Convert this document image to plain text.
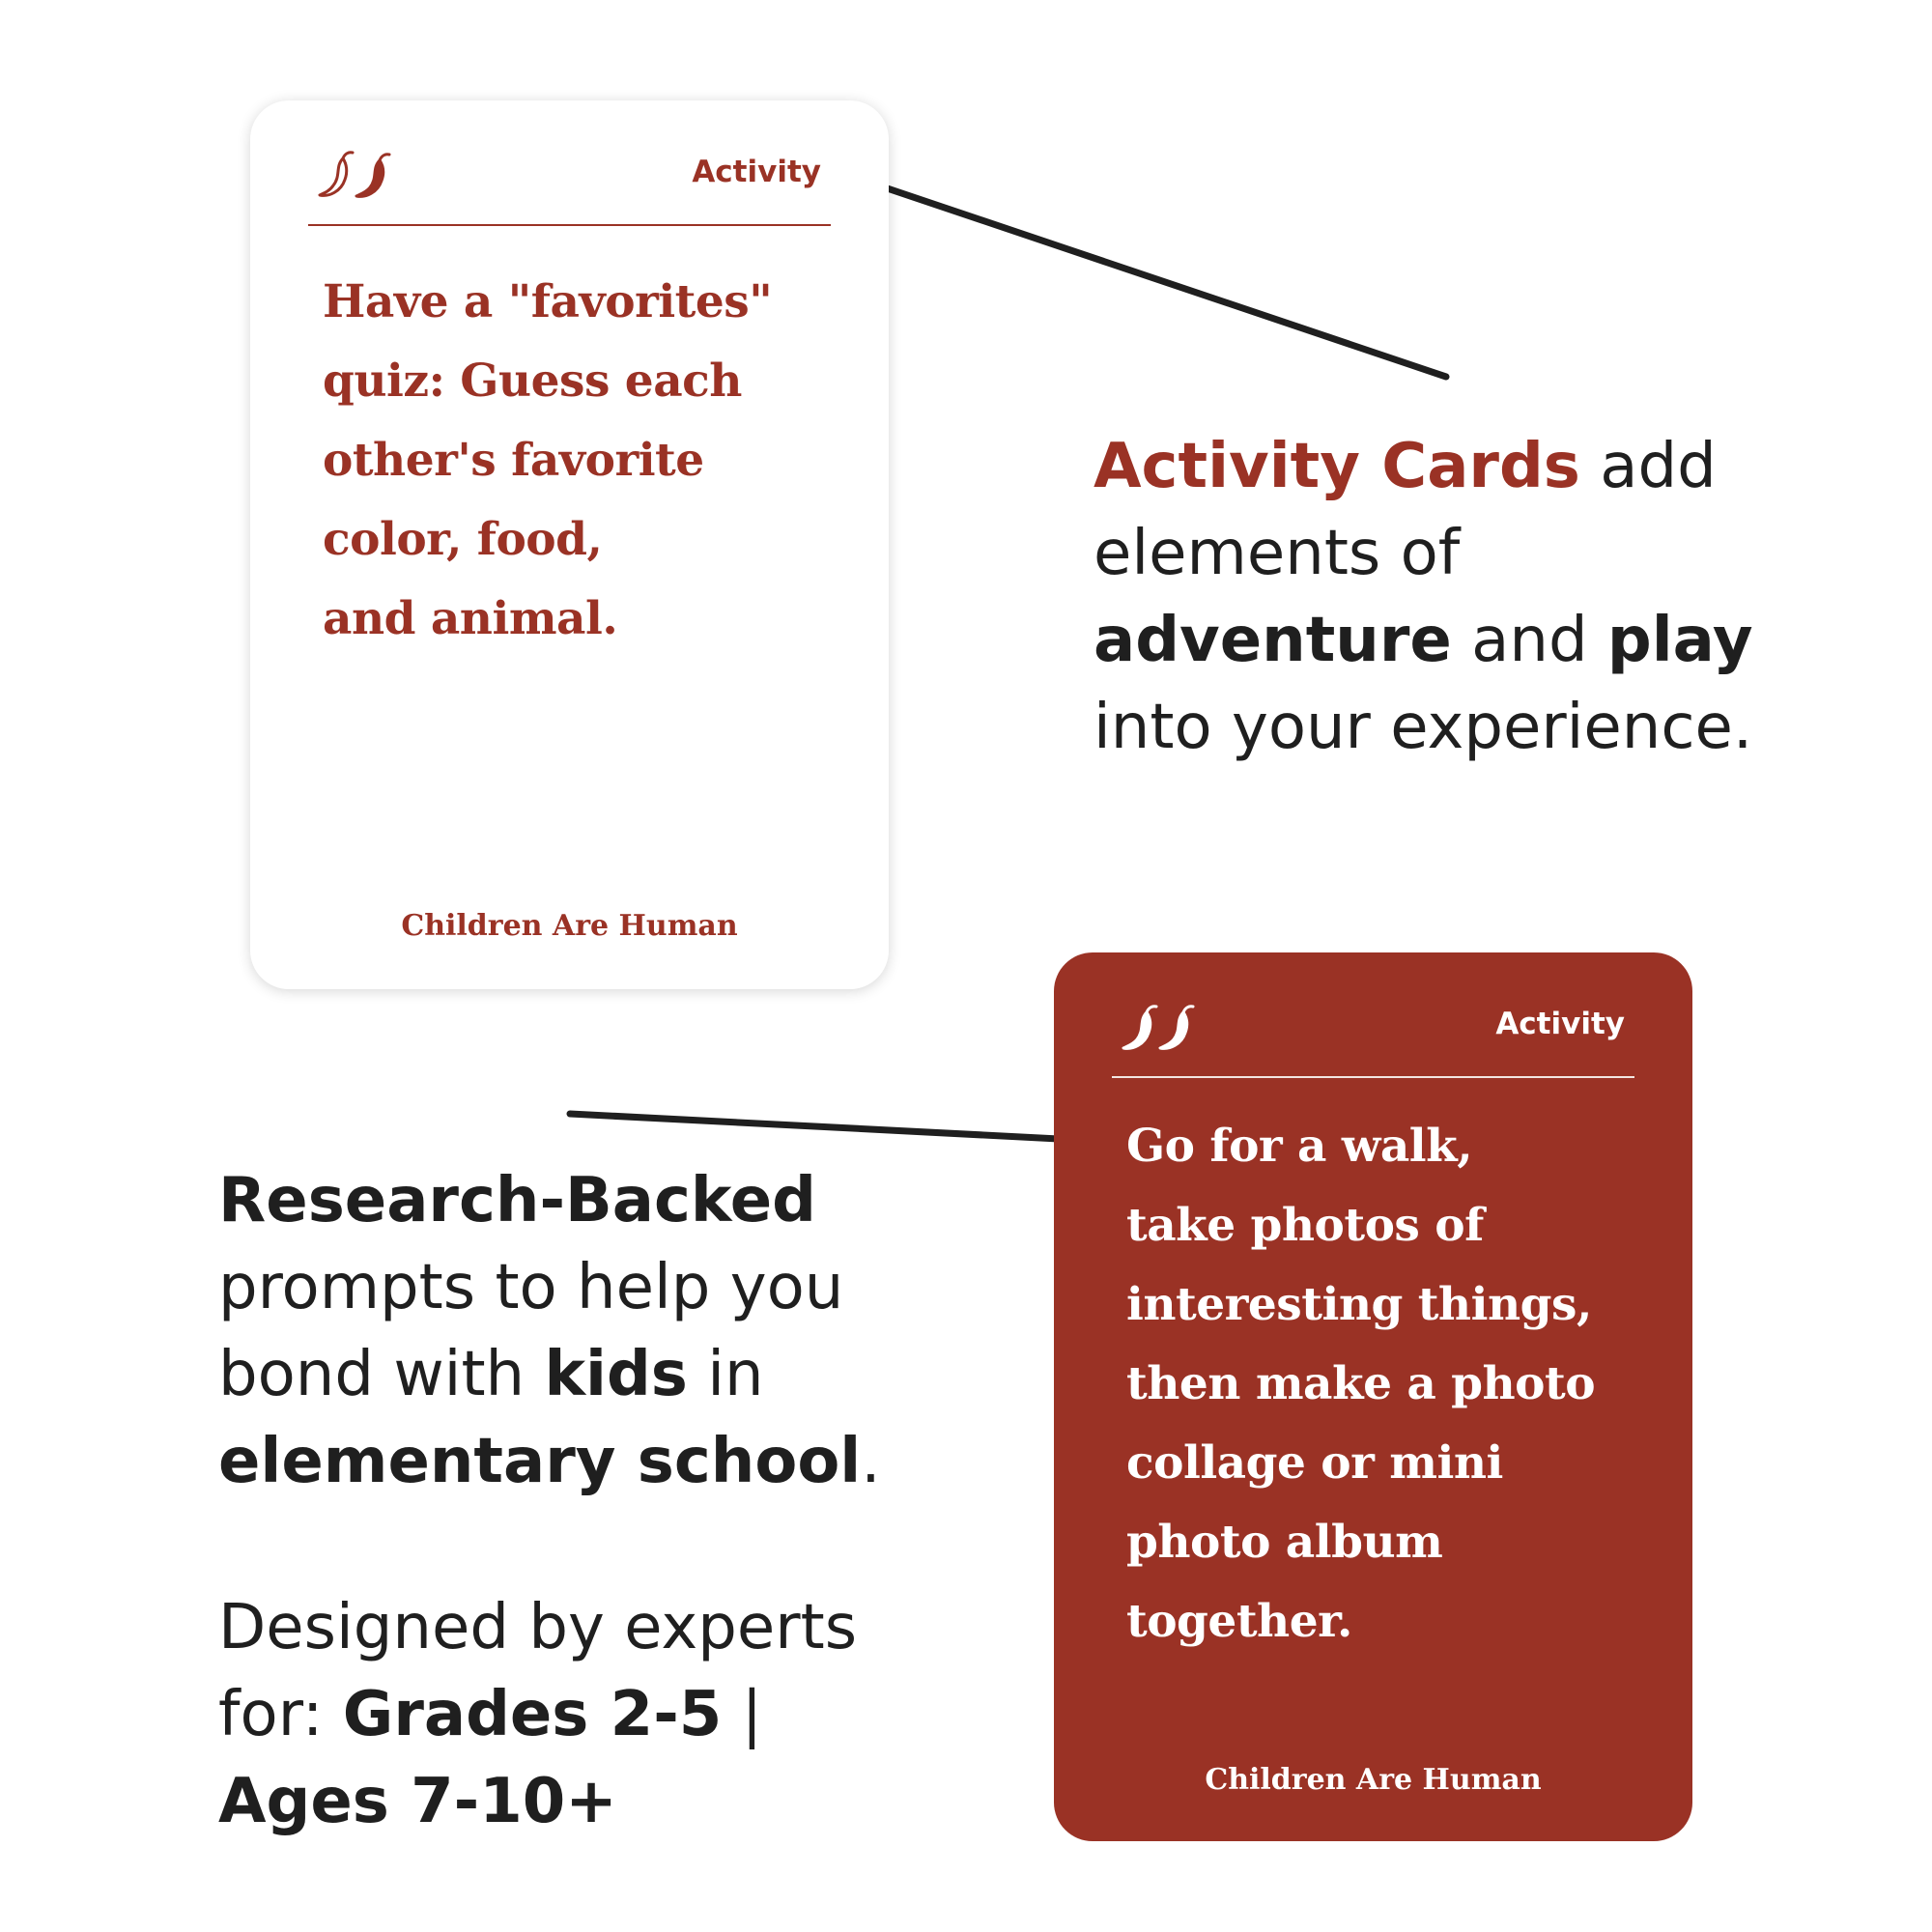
Activity
Have a "favorites"
quiz: Guess each
other's favorite
color, food,
and animal.
Children Are Human
Activity
Go for a walk,
take photos of
interesting things,
then make a photo
collage or mini
photo album
together.
Children Are Human
Activity Cards add
elements of
adventure and play
into your experience.
Research-Backed
prompts to help you
bond with kids in
elementary school.
Designed by experts
for: Grades 2-5 |
Ages 7-10+
